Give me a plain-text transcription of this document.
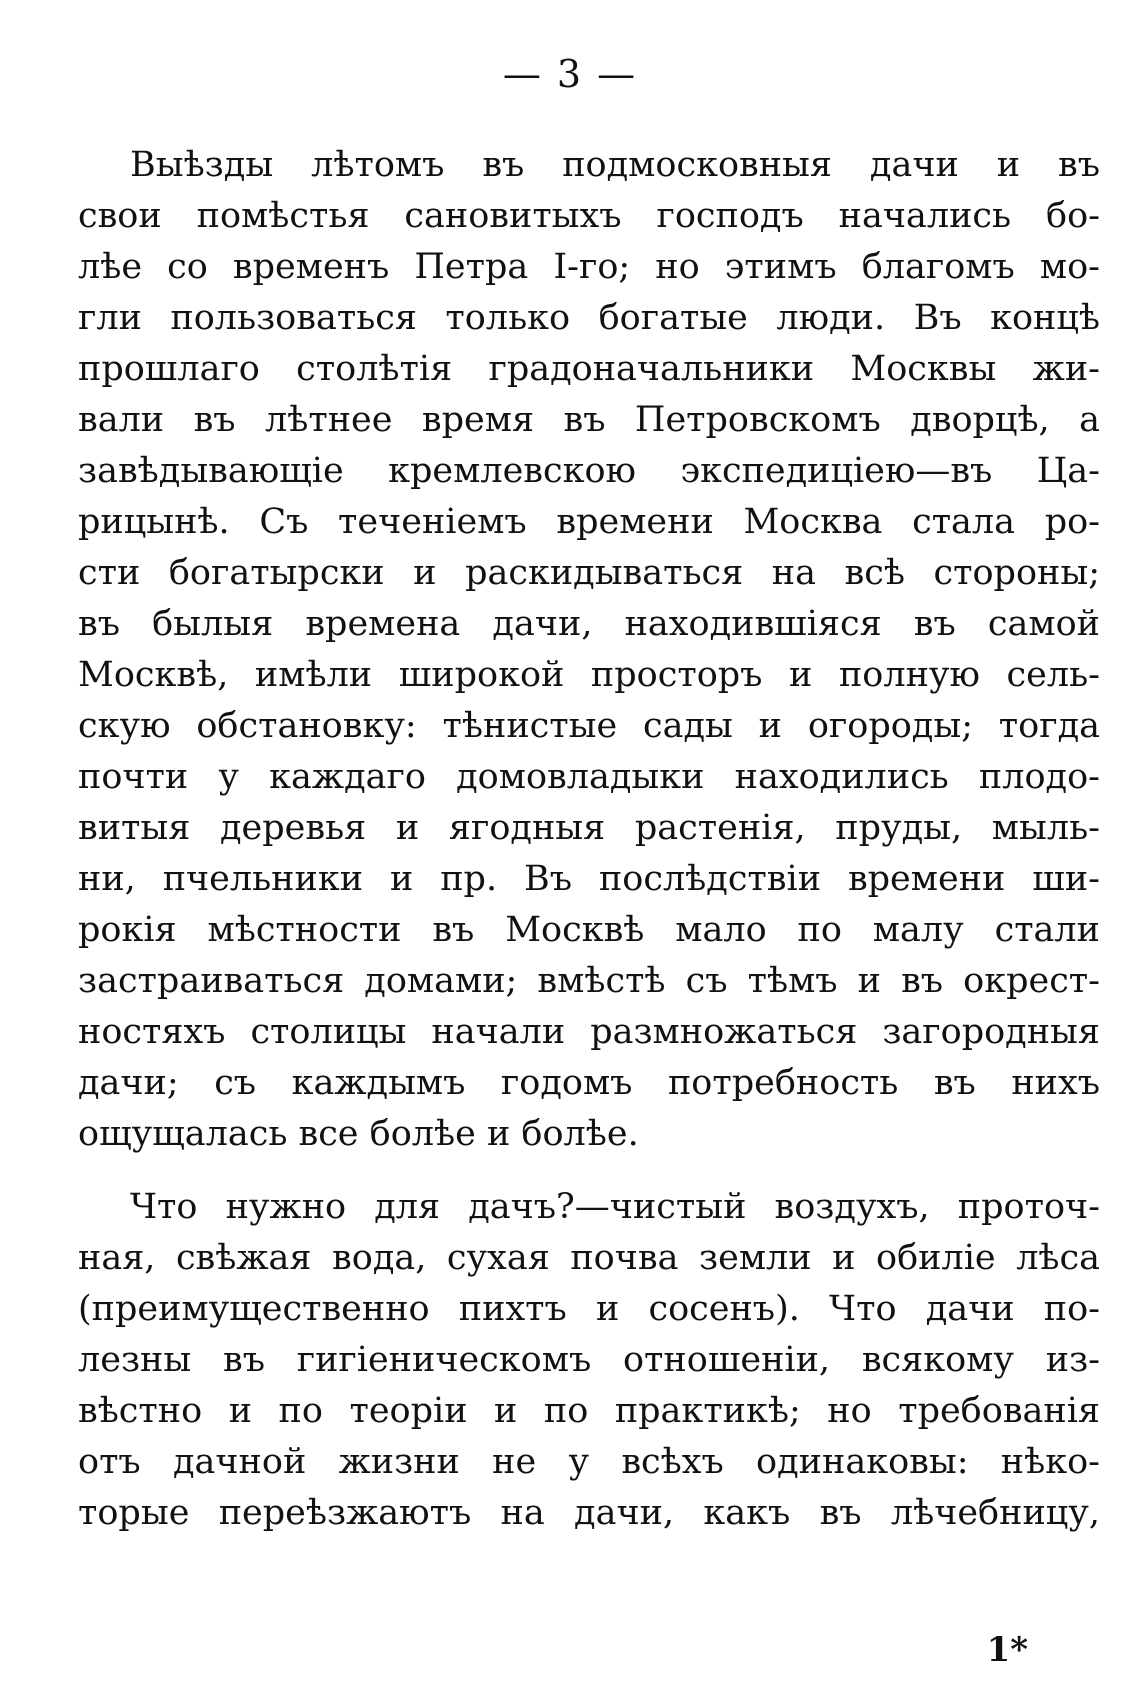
— 3 —
Выѣзды лѣтомъ въ подмосковныя дачи и въ
свои помѣстья сановитыхъ господъ начались бо-
лѣе со временъ Петра I-го; но этимъ благомъ мо-
гли пользоваться только богатые люди. Въ концѣ
прошлаго столѣтія градоначальники Москвы жи-
вали въ лѣтнее время въ Петровскомъ дворцѣ, а
завѣдывающіе кремлевскою экспедиціею—въ Ца-
рицынѣ. Съ теченіемъ времени Москва стала ро-
сти богатырски и раскидываться на всѣ стороны;
въ былыя времена дачи, находившіяся въ самой
Москвѣ, имѣли широкой просторъ и полную сель-
скую обстановку: тѣнистые сады и огороды; тогда
почти у каждаго домовладыки находились плодо-
витыя деревья и ягодныя растенія, пруды, мыль-
ни, пчельники и пр. Въ послѣдствіи времени ши-
рокія мѣстности въ Москвѣ мало по малу стали
застраиваться домами; вмѣстѣ съ тѣмъ и въ окрест-
ностяхъ столицы начали размножаться загородныя
дачи; съ каждымъ годомъ потребность въ нихъ
ощущалась все болѣе и болѣе.
Что нужно для дачъ?—чистый воздухъ, проточ-
ная, свѣжая вода, сухая почва земли и обиліе лѣса
(преимущественно пихтъ и сосенъ). Что дачи по-
лезны въ гигіеническомъ отношеніи, всякому из-
вѣстно и по теоріи и по практикѣ; но требованія
отъ дачной жизни не у всѣхъ одинаковы: нѣко-
торые переѣзжаютъ на дачи, какъ въ лѣчебницу,
1*
